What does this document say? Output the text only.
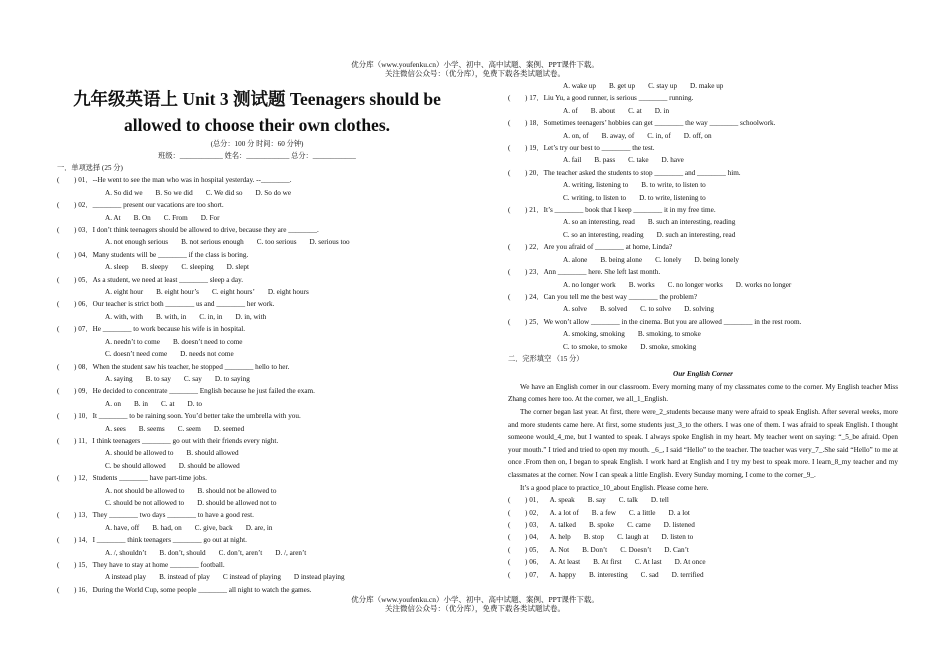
优分库（www.youfenku.cn）小学、初中、高中试题、案例、PPT课件下载。
关注微信公众号：（优分库），免费下载各类试题试卷。
九年级英语上 Unit 3 测试题 Teenagers should be
allowed to choose their own clothes.
(总分：100 分 时间：60 分钟)
班级：____________ 姓名：____________ 总分：____________
一．单项选择 (25 分)
( ) 01．--He went to see the man who was in hospital yesterday. --________.
A. So did we B. So we did C. We did so D. So do we
( ) 02．________ present our vacations are too short.
A. At B. On C. From D. For
( ) 03．I don’t think teenagers should be allowed to drive, because they are ________.
A. not enough serious B. not serious enough C. too serious D. serious too
( ) 04．Many students will be ________ if the class is boring.
A. sleep B. sleepy C. sleeping D. slept
( ) 05．As a student, we need at least ________ sleep a day.
A. eight hour B. eight hour’s C. eight hours’ D. eight hours
( ) 06．Our teacher is strict both ________ us and ________ her work.
A. with, with B. with, in C. in, in D. in, with
( ) 07．He ________ to work because his wife is in hospital.
A. needn’t to come B. doesn’t need to come
C. doesn’t need come D. needs not come
( ) 08．When the student saw his teacher, he stopped ________ hello to her.
A. saying B. to say C. say D. to saying
( ) 09．He decided to concentrate ________ English because he just failed the exam.
A. on B. in C. at D. to
( ) 10．It ________ to be raining soon. You’d better take the umbrella with you.
A. sees B. seems C. seem D. seemed
( ) 11．I think teenagers ________ go out with their friends every night.
A. should be allowed to B. should allowed
C. be should allowed D. should be allowed
( ) 12．Students ________ have part-time jobs.
A. not should be allowed to B. should not be allowed to
C. should be not allowed to D. should be allowed not to
( ) 13．They ________ two days ________ to have a good rest.
A. have, off B. had, on C. give, back D. are, in
( ) 14．I ________ think teenagers ________ go out at night.
A. /, shouldn’t B. don’t, should C. don’t, aren’t D. /, aren’t
( ) 15．They have to stay at home ________ football.
A instead play B. instead of play C instead of playing D instead playing
( ) 16．During the World Cup, some people ________ all night to watch the games.
A. wake up B. get up C. stay up D. make up
( ) 17．Liu Yu, a good runner, is serious ________ running.
A. of B. about C. at D. in
( ) 18．Sometimes teenagers’ hobbies can get ________ the way ________ schoolwork.
A. on, of B. away, of C. in, of D. off, on
( ) 19．Let’s try our best to ________ the test.
A. fail B. pass C. take D. have
( ) 20．The teacher asked the students to stop ________ and ________ him.
A. writing, listening to B. to write, to listen to
C. writing, to listen to D. to write, listening to
( ) 21．It’s ________ book that I keep ________ it in my free time.
A. so an interesting, read B. such an interesting, reading
C. so an interesting, reading D. such an interesting, read
( ) 22．Are you afraid of ________ at home, Linda?
A. alone B. being alone C. lonely D. being lonely
( ) 23．Ann ________ here. She left last month.
A. no longer work B. works C. no longer works D. works no longer
( ) 24．Can you tell me the best way ________ the problem?
A. solve B. solved C. to solve D. solving
( ) 25．We won’t allow ________ in the cinema. But you are allowed ________ in the rest room.
A. smoking, smoking B. smoking, to smoke
C. to smoke, to smoke D. smoke, smoking
二．完形填空 （15 分）
Our English Corner
We have an English corner in our classroom. Every morning many of my classmates come to the corner. My English teacher Miss Zhang comes here too. At the corner, we all_1_English.
The corner began last year. At first, there were_2_students because many were afraid to speak English. After several weeks, more and more students came here. At first, some students just_3_to the others. I was one of them. I was afraid to speak English. I thought someone would_4_me, but I wanted to speak. I always spoke English in my heart. My teacher went on saying: “_5_be afraid. Open your mouth.” I tried and tried to open my mouth. _6_, I said “Hello” to the teacher. The teacher was very_7_.She said “Hello” to me at once .From then on, I began to speak English. I work hard at English and I try my best to speak more. I learn_8_my teacher and my classmates at the corner. Now I can speak a little English. Every Sunday morning, I come to the corner_9_.
It’s a good place to practice_10_about English. Please come here.
( ) 01． A. speak B. say C. talk D. tell
( ) 02． A. a lot of B. a few C. a little D. a lot
( ) 03． A. talked B. spoke C. came D. listened
( ) 04． A. help B. stop C. laugh at D. listen to
( ) 05． A. Not B. Don’t C. Doesn’t D. Can’t
( ) 06． A. At least B. At first C. At last D. At once
( ) 07． A. happy B. interesting C. sad D. terrified
优分库（www.youfenku.cn）小学、初中、高中试题、案例、PPT课件下载。
关注微信公众号：（优分库），免费下载各类试题试卷。
